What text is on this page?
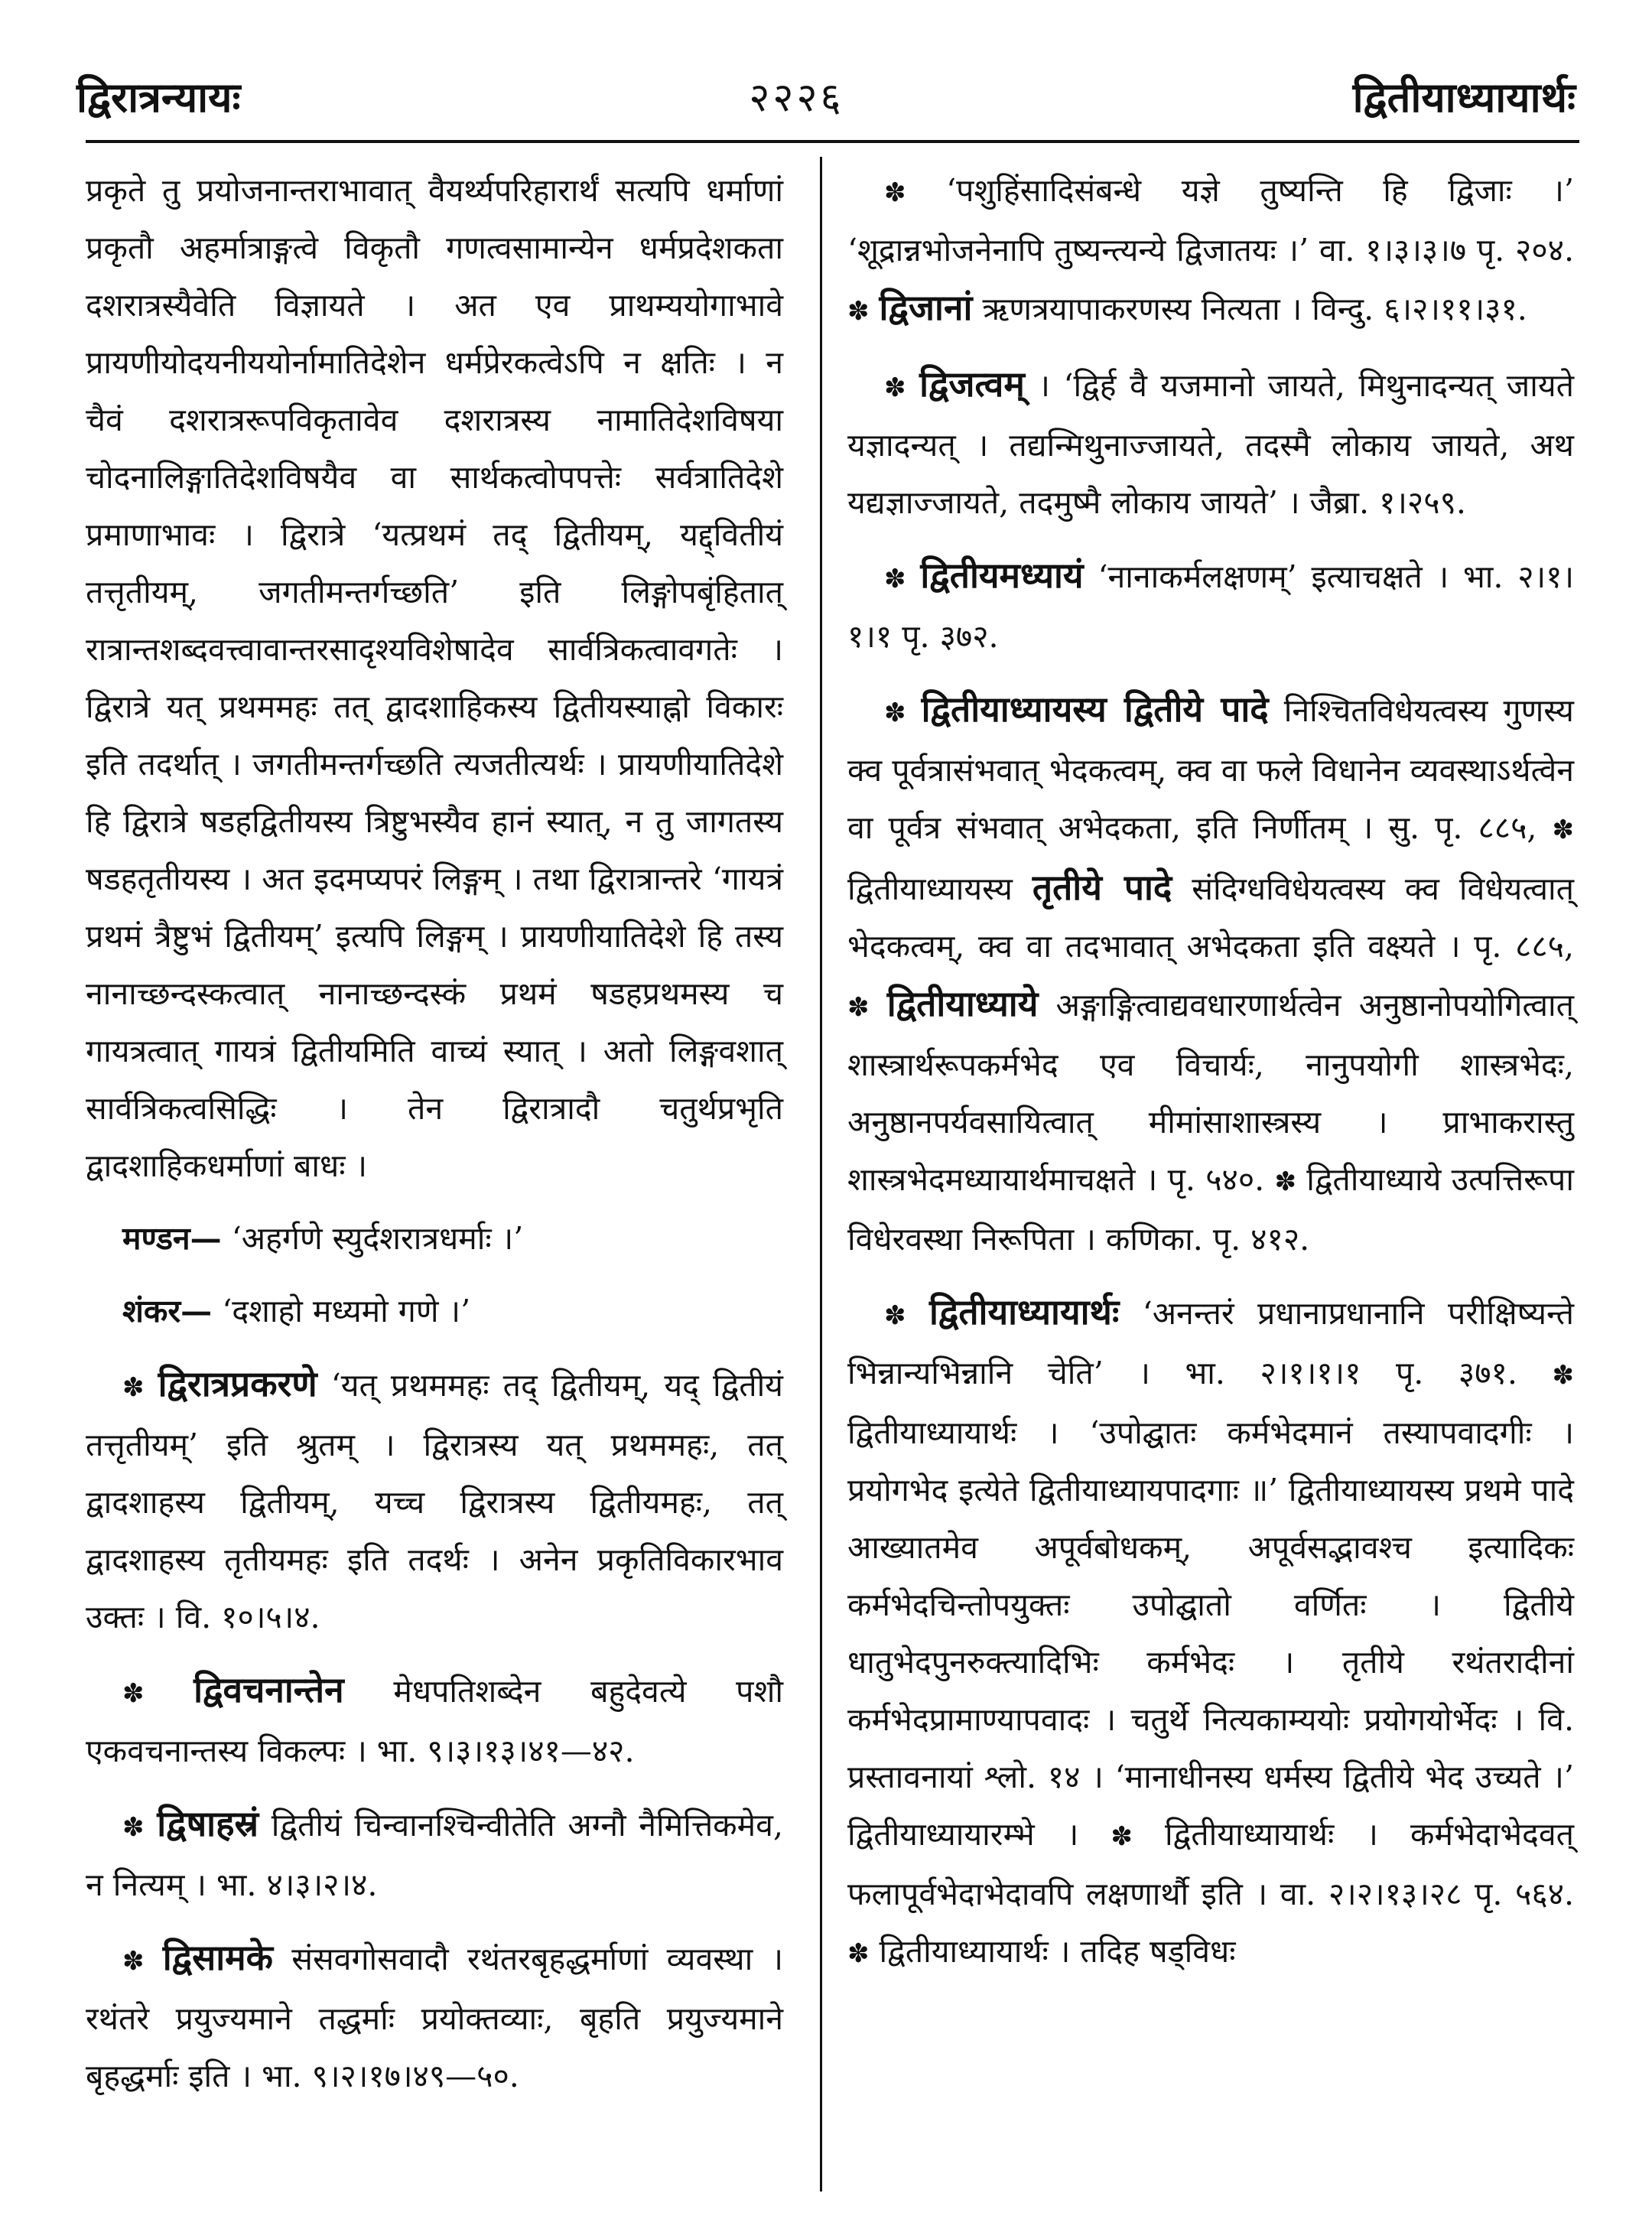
द्विरात्रन्यायः	२२२६	द्वितीयाध्यायार्थः

प्रकृते तु प्रयोजनान्तराभावात् वैयर्थ्यपरिहारार्थं सत्यपि धर्माणां प्रकृतौ अहर्मात्राङ्गत्वे विकृतौ गणत्वसामान्येन धर्मप्रदेशकता दशरात्रस्यैवेति विज्ञायते । अत एव प्राथम्ययोगाभावे प्रायणीयोदयनीययोर्नामातिदेशेन धर्मप्रेरकत्वेऽपि न क्षतिः । न चैवं दशरात्ररूपविकृतावेव दशरात्रस्य नामातिदेशविषया चोदनालिङ्गातिदेशविषयैव वा सार्थकत्वोपपत्तेः सर्वत्रातिदेशे प्रमाणाभावः । द्विरात्रे ‘यत्प्रथमं तद् द्वितीयम्, यद्द्वितीयं तत्तृतीयम्, जगतीमन्तर्गच्छति’ इति लिङ्गोपबृंहितात् रात्रान्तशब्दवत्त्वावान्तरसादृश्यविशेषादेव सार्वत्रिकत्वावगतेः । द्विरात्रे यत् प्रथममहः तत् द्वादशाहिकस्य द्वितीयस्याह्नो विकारः इति तदर्थात् । जगतीमन्तर्गच्छति त्यजतीत्यर्थः । प्रायणीयातिदेशे हि द्विरात्रे षडहद्वितीयस्य त्रिष्टुभस्यैव हानं स्यात्, न तु जागतस्य षडहतृतीयस्य । अत इदमप्यपरं लिङ्गम् । तथा द्विरात्रान्तरे ‘गायत्रं प्रथमं त्रैष्टुभं द्वितीयम्’ इत्यपि लिङ्गम् । प्रायणीयातिदेशे हि तस्य नानाच्छन्दस्कत्वात् नानाच्छन्दस्कं प्रथमं षडहप्रथमस्य च गायत्रत्वात् गायत्रं द्वितीयमिति वाच्यं स्यात् । अतो लिङ्गवशात् सार्वत्रिकत्वसिद्धिः । तेन द्विरात्रादौ चतुर्थप्रभृति द्वादशाहिकधर्माणां बाधः ।

मण्डन— ‘अहर्गणे स्युर्दशरात्रधर्माः ।’

शंकर— ‘दशाहो मध्यमो गणे ।’

✽ द्विरात्रप्रकरणे ‘यत् प्रथममहः तद् द्वितीयम्, यद् द्वितीयं तत्तृतीयम्’ इति श्रुतम् । द्विरात्रस्य यत् प्रथममहः, तत् द्वादशाहस्य द्वितीयम्, यच्च द्विरात्रस्य द्वितीयमहः, तत् द्वादशाहस्य तृतीयमहः इति तदर्थः । अनेन प्रकृतिविकारभाव उक्तः । वि. १०।५।४.

✽ द्विवचनान्तेन मेधपतिशब्देन बहुदेवत्ये पशौ एकवचनान्तस्य विकल्पः । भा. ९।३।१३।४१—४२.

✽ द्विषाहस्रं द्वितीयं चिन्वानश्चिन्वीतेति अग्नौ नैमित्तिकमेव, न नित्यम् । भा. ४।३।२।४.

✽ द्विसामके संसवगोसवादौ रथंतरबृहद्धर्माणां व्यवस्था । रथंतरे प्रयुज्यमाने तद्धर्माः प्रयोक्तव्याः, बृहति प्रयुज्यमाने बृहद्धर्माः इति । भा. ९।२।१७।४९—५०.

✽ ‘पशुहिंसादिसंबन्धे यज्ञे तुष्यन्ति हि द्विजाः ।’ ‘शूद्रान्नभोजनेनापि तुष्यन्त्यन्ये द्विजातयः ।’ वा. १।३।३।७ पृ. २०४. ✽ द्विजानां ऋणत्रयापाकरणस्य नित्यता । विन्दु. ६।२।११।३१.

✽ द्विजत्वम् । ‘द्विर्ह वै यजमानो जायते, मिथुनादन्यत् जायते यज्ञादन्यत् । तद्यन्मिथुनाज्जायते, तदस्मै लोकाय जायते, अथ यद्यज्ञाज्जायते, तदमुष्मै लोकाय जायते’ । जैब्रा. १।२५९.

✽ द्वितीयमध्यायं ‘नानाकर्मलक्षणम्’ इत्याचक्षते । भा. २।१।१।१ पृ. ३७२.

✽ द्वितीयाध्यायस्य द्वितीये पादे निश्चितविधेयत्वस्य गुणस्य क्व पूर्वत्रासंभवात् भेदकत्वम्, क्व वा फले विधानेन व्यवस्थाऽर्थत्वेन वा पूर्वत्र संभवात् अभेदकता, इति निर्णीतम् । सु. पृ. ८८५, ✽ द्वितीयाध्यायस्य तृतीये पादे संदिग्धविधेयत्वस्य क्व विधेयत्वात् भेदकत्वम्, क्व वा तदभावात् अभेदकता इति वक्ष्यते । पृ. ८८५, ✽ द्वितीयाध्याये अङ्गाङ्गित्वाद्यवधारणार्थत्वेन अनुष्ठानोपयोगित्वात् शास्त्रार्थरूपकर्मभेद एव विचार्यः, नानुपयोगी शास्त्रभेदः, अनुष्ठानपर्यवसायित्वात् मीमांसाशास्त्रस्य । प्राभाकरास्तु शास्त्रभेदमध्यायार्थमाचक्षते । पृ. ५४०. ✽ द्वितीयाध्याये उत्पत्तिरूपा विधेरवस्था निरूपिता । कणिका. पृ. ४१२.

✽ द्वितीयाध्यायार्थः ‘अनन्तरं प्रधानाप्रधानानि परीक्षिष्यन्ते भिन्नान्यभिन्नानि चेति’ । भा. २।१।१।१ पृ. ३७१. ✽ द्वितीयाध्यायार्थः । ‘उपोद्घातः कर्मभेदमानं तस्यापवादगीः । प्रयोगभेद इत्येते द्वितीयाध्यायपादगाः ॥’ द्वितीयाध्यायस्य प्रथमे पादे आख्यातमेव अपूर्वबोधकम्, अपूर्वसद्भावश्च इत्यादिकः कर्मभेदचिन्तोपयुक्तः उपोद्घातो वर्णितः । द्वितीये धातुभेदपुनरुक्त्यादिभिः कर्मभेदः । तृतीये रथंतरादीनां कर्मभेदप्रामाण्यापवादः । चतुर्थे नित्यकाम्ययोः प्रयोगयोर्भेदः । वि. प्रस्तावनायां श्लो. १४ । ‘मानाधीनस्य धर्मस्य द्वितीये भेद उच्यते ।’ द्वितीयाध्यायारम्भे । ✽ द्वितीयाध्यायार्थः । कर्मभेदाभेदवत् फलापूर्वभेदाभेदावपि लक्षणार्थौ इति । वा. २।२।१३।२८ पृ. ५६४. ✽ द्वितीयाध्यायार्थः । तदिह षड्विधः
